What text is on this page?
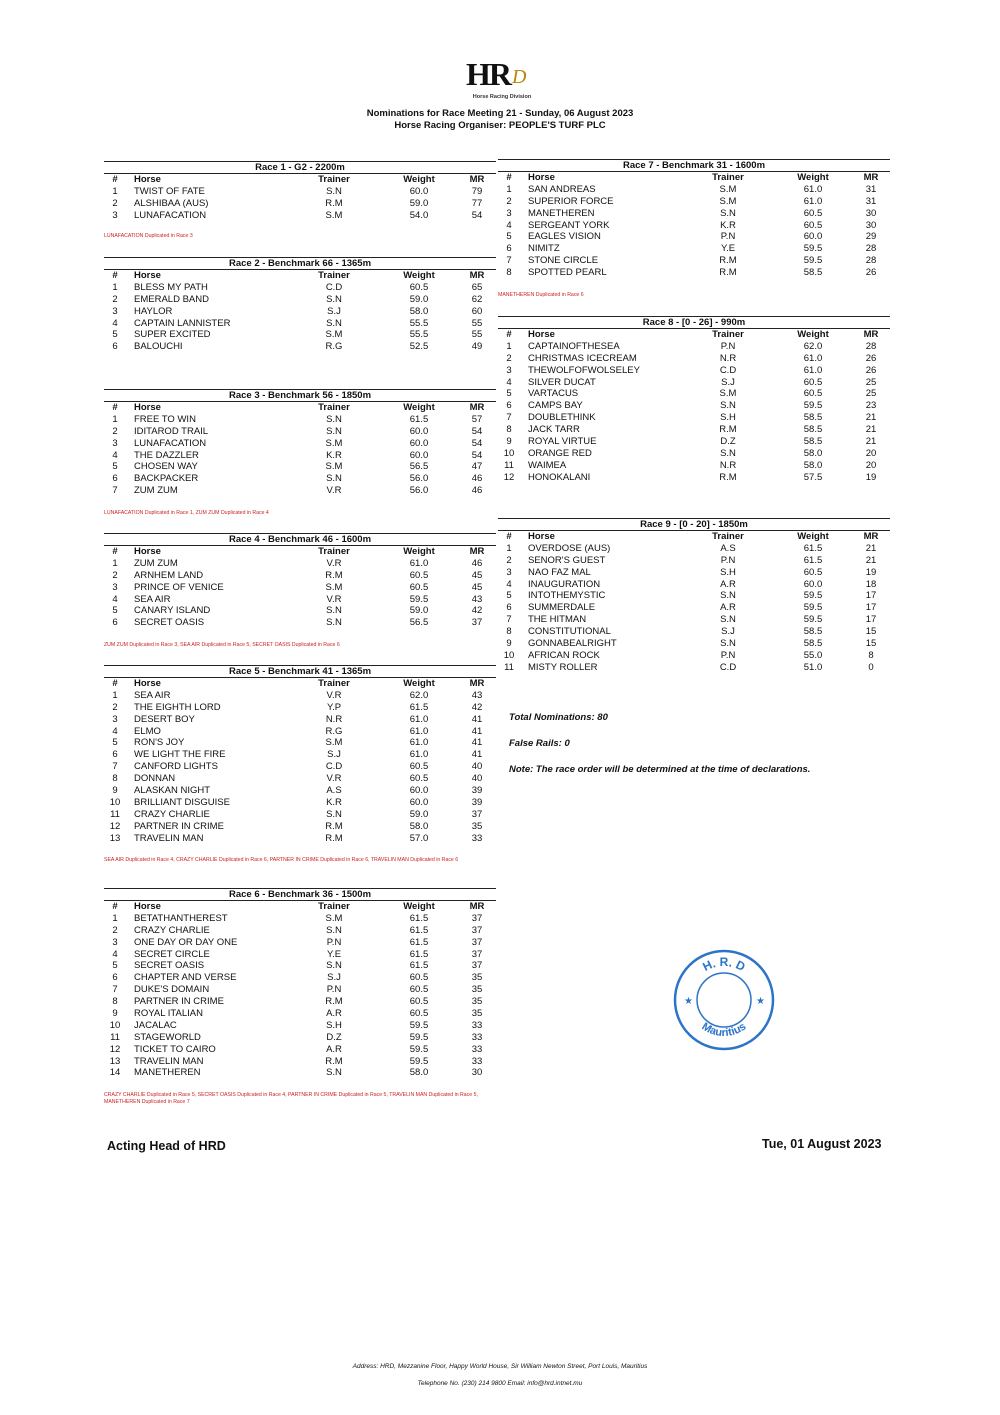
HR D
Horse Racing Division
Nominations for Race Meeting 21 - Sunday, 06 August 2023
Horse Racing Organiser: PEOPLE'S TURF PLC
Race 1 - G2 - 2200m
#	Horse	Trainer	Weight	MR
1	TWIST OF FATE	S.N	60.0	79
2	ALSHIBAA (AUS)	R.M	59.0	77
3	LUNAFACATION	S.M	54.0	54
LUNAFACATION Duplicated in Race 3
Race 2 - Benchmark 66 - 1365m
#	Horse	Trainer	Weight	MR
1	BLESS MY PATH	C.D	60.5	65
2	EMERALD BAND	S.N	59.0	62
3	HAYLOR	S.J	58.0	60
4	CAPTAIN LANNISTER	S.N	55.5	55
5	SUPER EXCITED	S.M	55.5	55
6	BALOUCHI	R.G	52.5	49
Race 3 - Benchmark 56 - 1850m
#	Horse	Trainer	Weight	MR
1	FREE TO WIN	S.N	61.5	57
2	IDITAROD TRAIL	S.N	60.0	54
3	LUNAFACATION	S.M	60.0	54
4	THE DAZZLER	K.R	60.0	54
5	CHOSEN WAY	S.M	56.5	47
6	BACKPACKER	S.N	56.0	46
7	ZUM ZUM	V.R	56.0	46
LUNAFACATION Duplicated in Race 1, ZUM ZUM Duplicated in Race 4
Race 4 - Benchmark 46 - 1600m
#	Horse	Trainer	Weight	MR
1	ZUM ZUM	V.R	61.0	46
2	ARNHEM LAND	R.M	60.5	45
3	PRINCE OF VENICE	S.M	60.5	45
4	SEA AIR	V.R	59.5	43
5	CANARY ISLAND	S.N	59.0	42
6	SECRET OASIS	S.N	56.5	37
ZUM ZUM Duplicated in Race 3, SEA AIR Duplicated in Race 5, SECRET OASIS Duplicated in Race 6
Race 5 - Benchmark 41 - 1365m
#	Horse	Trainer	Weight	MR
1	SEA AIR	V.R	62.0	43
2	THE EIGHTH LORD	Y.P	61.5	42
3	DESERT BOY	N.R	61.0	41
4	ELMO	R.G	61.0	41
5	RON'S JOY	S.M	61.0	41
6	WE LIGHT THE FIRE	S.J	61.0	41
7	CANFORD LIGHTS	C.D	60.5	40
8	DONNAN	V.R	60.5	40
9	ALASKAN NIGHT	A.S	60.0	39
10 BRILLIANT DISGUISE	K.R	60.0	39
11 CRAZY CHARLIE	S.N	59.0	37
12 PARTNER IN CRIME	R.M	58.0	35
13 TRAVELIN MAN	R.M	57.0	33
SEA AIR Duplicated in Race 4, CRAZY CHARLIE Duplicated in Race 6, PARTNER IN CRIME Duplicated in Race 6, TRAVELIN MAN Duplicated in Race 6
Race 6 - Benchmark 36 - 1500m
#	Horse	Trainer	Weight	MR
1	BETATHANTHEREST	S.M	61.5	37
2	CRAZY CHARLIE	S.N	61.5	37
3	ONE DAY OR DAY ONE	P.N	61.5	37
4	SECRET CIRCLE	Y.E	61.5	37
5	SECRET OASIS	S.N	61.5	37
6	CHAPTER AND VERSE	S.J	60.5	35
7	DUKE'S DOMAIN	P.N	60.5	35
8	PARTNER IN CRIME	R.M	60.5	35
9	ROYAL ITALIAN	A.R	60.5	35
10 JACALAC	S.H	59.5	33
11 STAGEWORLD	D.Z	59.5	33
12 TICKET TO CAIRO	A.R	59.5	33
13 TRAVELIN MAN	R.M	59.5	33
14 MANETHEREN	S.N	58.0	30
CRAZY CHARLIE Duplicated in Race 5, SECRET OASIS Duplicated in Race 4, PARTNER IN CRIME Duplicated in Race 5, TRAVELIN MAN Duplicated in Race 5, MANETHEREN Duplicated in Race 7
Race 7 - Benchmark 31 - 1600m
#	Horse	Trainer	Weight	MR
1	SAN ANDREAS	S.M	61.0	31
2	SUPERIOR FORCE	S.M	61.0	31
3	MANETHEREN	S.N	60.5	30
4	SERGEANT YORK	K.R	60.5	30
5	EAGLES VISION	P.N	60.0	29
6	NIMITZ	Y.E	59.5	28
7	STONE CIRCLE	R.M	59.5	28
8	SPOTTED PEARL	R.M	58.5	26
MANETHEREN Duplicated in Race 6
Race 8 - [0 - 26] - 990m
#	Horse	Trainer	Weight	MR
1	CAPTAINOFTHESEA	P.N	62.0	28
2	CHRISTMAS ICECREAM	N.R	61.0	26
3	THEWOLFOFWOLSELEY	C.D	61.0	26
4	SILVER DUCAT	S.J	60.5	25
5	VARTACUS	S.M	60.5	25
6	CAMPS BAY	S.N	59.5	23
7	DOUBLETHINK	S.H	58.5	21
8	JACK TARR	R.M	58.5	21
9	ROYAL VIRTUE	D.Z	58.5	21
10 ORANGE RED	S.N	58.0	20
11 WAIMEA	N.R	58.0	20
12 HONOKALANI	R.M	57.5	19
Race 9 - [0 - 20] - 1850m
#	Horse	Trainer	Weight	MR
1	OVERDOSE (AUS)	A.S	61.5	21
2	SENOR'S GUEST	P.N	61.5	21
3	NAO FAZ MAL	S.H	60.5	19
4	INAUGURATION	A.R	60.0	18
5	INTOTHEMYSTIC	S.N	59.5	17
6	SUMMERDALE	A.R	59.5	17
7	THE HITMAN	S.N	59.5	17
8	CONSTITUTIONAL	S.J	58.5	15
9	GONNABEALRIGHT	S.N	58.5	15
10 AFRICAN ROCK	P.N	55.0	8
11 MISTY ROLLER	C.D	51.0	0
Total Nominations: 80
False Rails: 0
Note: The race order will be determined at the time of declarations.
H. R. D
Mauritius
★	★
Acting Head of HRD	Tue, 01 August 2023
Address: HRD, Mezzanine Floor, Happy World House, Sir William Newton Street, Port Louis, Mauritius
Telephone No. (230) 214 9800 Email: info@hrd.intnet.mu
